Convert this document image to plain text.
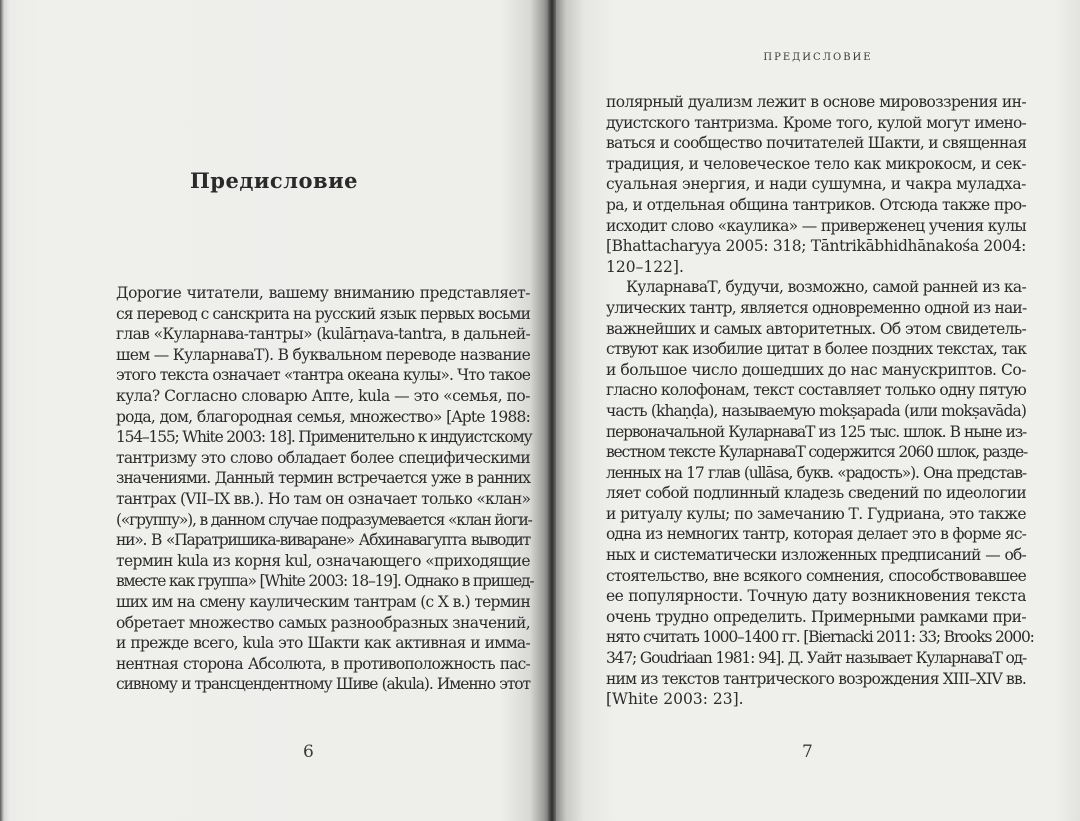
Предисловие
Дорогие читатели, вашему вниманию представляет-
ся перевод с санскрита на русский язык первых восьми
глав «Куларнава-тантры» (kulārṇava-tantra, в дальней-
шем — КуларнаваТ). В буквальном переводе название
этого текста означает «тантра океана кулы». Что такое
кула? Согласно словарю Апте, kula — это «семья, по-
рода, дом, благородная семья, множество» [Apte 1988:
154–155; White 2003: 18]. Применительно к индуистскому
тантризму это слово обладает более специфическими
значениями. Данный термин встречается уже в ранних
тантрах (VII–IX вв.). Но там он означает только «клан»
(«группу»), в данном случае подразумевается «клан йоги-
ни». В «Паратришика-виваране» Абхинавагупта выводит
термин kula из корня kul, означающего «приходящие
вместе как группа» [White 2003: 18–19]. Однако в пришед-
ших им на смену каулическим тантрам (с X в.) термин
обретает множество самых разнообразных значений,
и прежде всего, kula это Шакти как активная и имма-
нентная сторона Абсолюта, в противоположность пас-
сивному и трансцендентному Шиве (akula). Именно этот
6
ПРЕДИСЛОВИЕ
полярный дуализм лежит в основе мировоззрения ин-
дуистского тантризма. Кроме того, кулой могут имено-
ваться и сообщество почитателей Шакти, и священная
традиция, и человеческое тело как микрокосм, и сек-
суальная энергия, и нади сушумна, и чакра муладха-
ра, и отдельная община тантриков. Отсюда также про-
исходит слово «каулика» — приверженец учения кулы
[Bhattacharyya 2005: 318; Tāntrikābhidhānakośa 2004:
120–122].
КуларнаваТ, будучи, возможно, самой ранней из ка-
улических тантр, является одновременно одной из наи-
важнейших и самых авторитетных. Об этом свидетель-
ствуют как изобилие цитат в более поздних текстах, так
и большое число дошедших до нас манускриптов. Со-
гласно колофонам, текст составляет только одну пятую
часть (khaṇḍa), называемую mokṣapada (или mokṣavāda)
первоначальной КуларнаваТ из 125 тыс. шлок. В ныне из-
вестном тексте КуларнаваТ содержится 2060 шлок, разде-
ленных на 17 глав (ullāsa, букв. «радость»). Она представ-
ляет собой подлинный кладезь сведений по идеологии
и ритуалу кулы; по замечанию Т. Гудриана, это также
одна из немногих тантр, которая делает это в форме яс-
ных и систематически изложенных предписаний — об-
стоятельство, вне всякого сомнения, способствовавшее
ее популярности. Точную дату возникновения текста
очень трудно определить. Примерными рамками при-
нято считать 1000–1400 гг. [Biernacki 2011: 33; Brooks 2000:
347; Goudriaan 1981: 94]. Д. Уайт называет КуларнаваТ од-
ним из текстов тантрического возрождения XIII–XIV вв.
[White 2003: 23].
7
